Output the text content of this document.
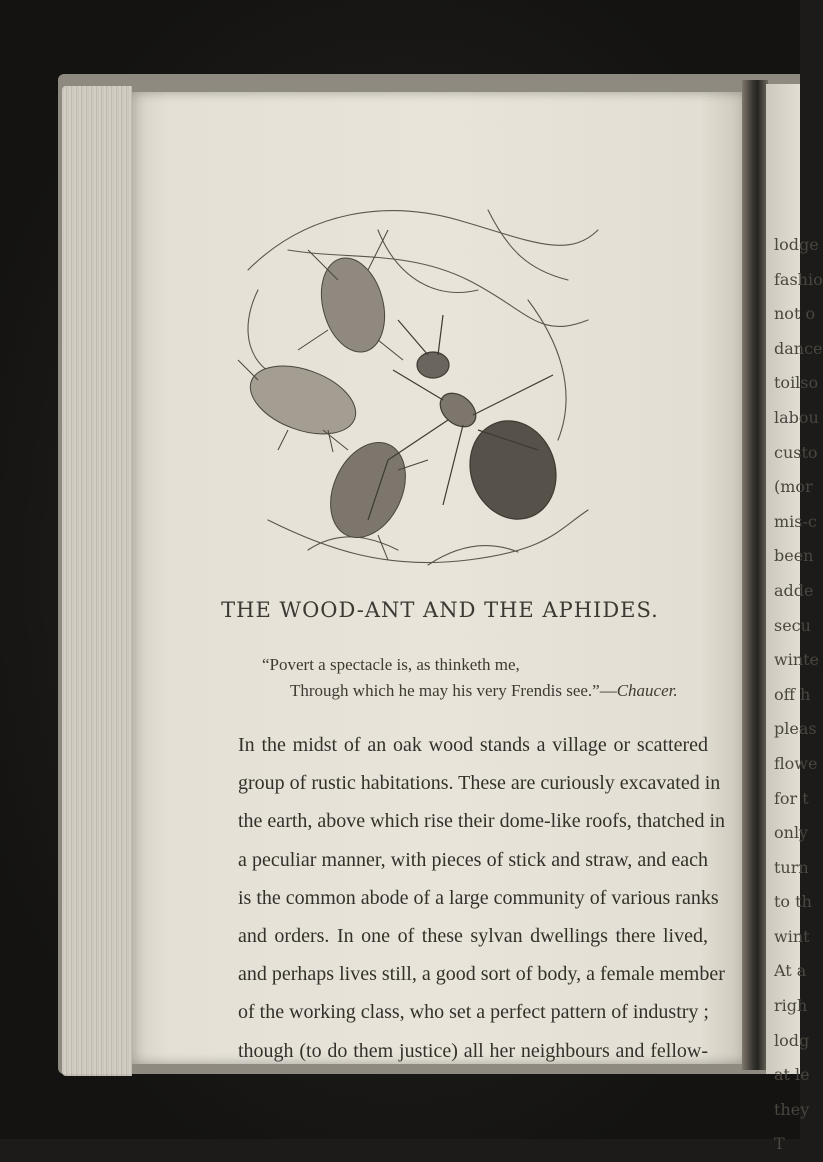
lodge
fashio
not o
dance
toilso
labou
custo
(mor
mis-c
been
adde
secu
winte
off h
pleas
flowe
for t
only
turn
to th
wint
At a
righ
lodg
at le
they
T
THE WOOD-ANT AND THE APHIDES.
“Povert a spectacle is, as thinketh me,
Through which he may his very Frendis see.”—Chaucer.
In the midst of an oak wood stands a village or scattered
group of rustic habitations. These are curiously excavated in
the earth, above which rise their dome-like roofs, thatched in
a peculiar manner, with pieces of stick and straw, and each
is the common abode of a large community of various ranks
and orders. In one of these sylvan dwellings there lived,
and perhaps lives still, a good sort of body, a female member
of the working class, who set a perfect pattern of industry ;
though (to do them justice) all her neighbours and fellow-
